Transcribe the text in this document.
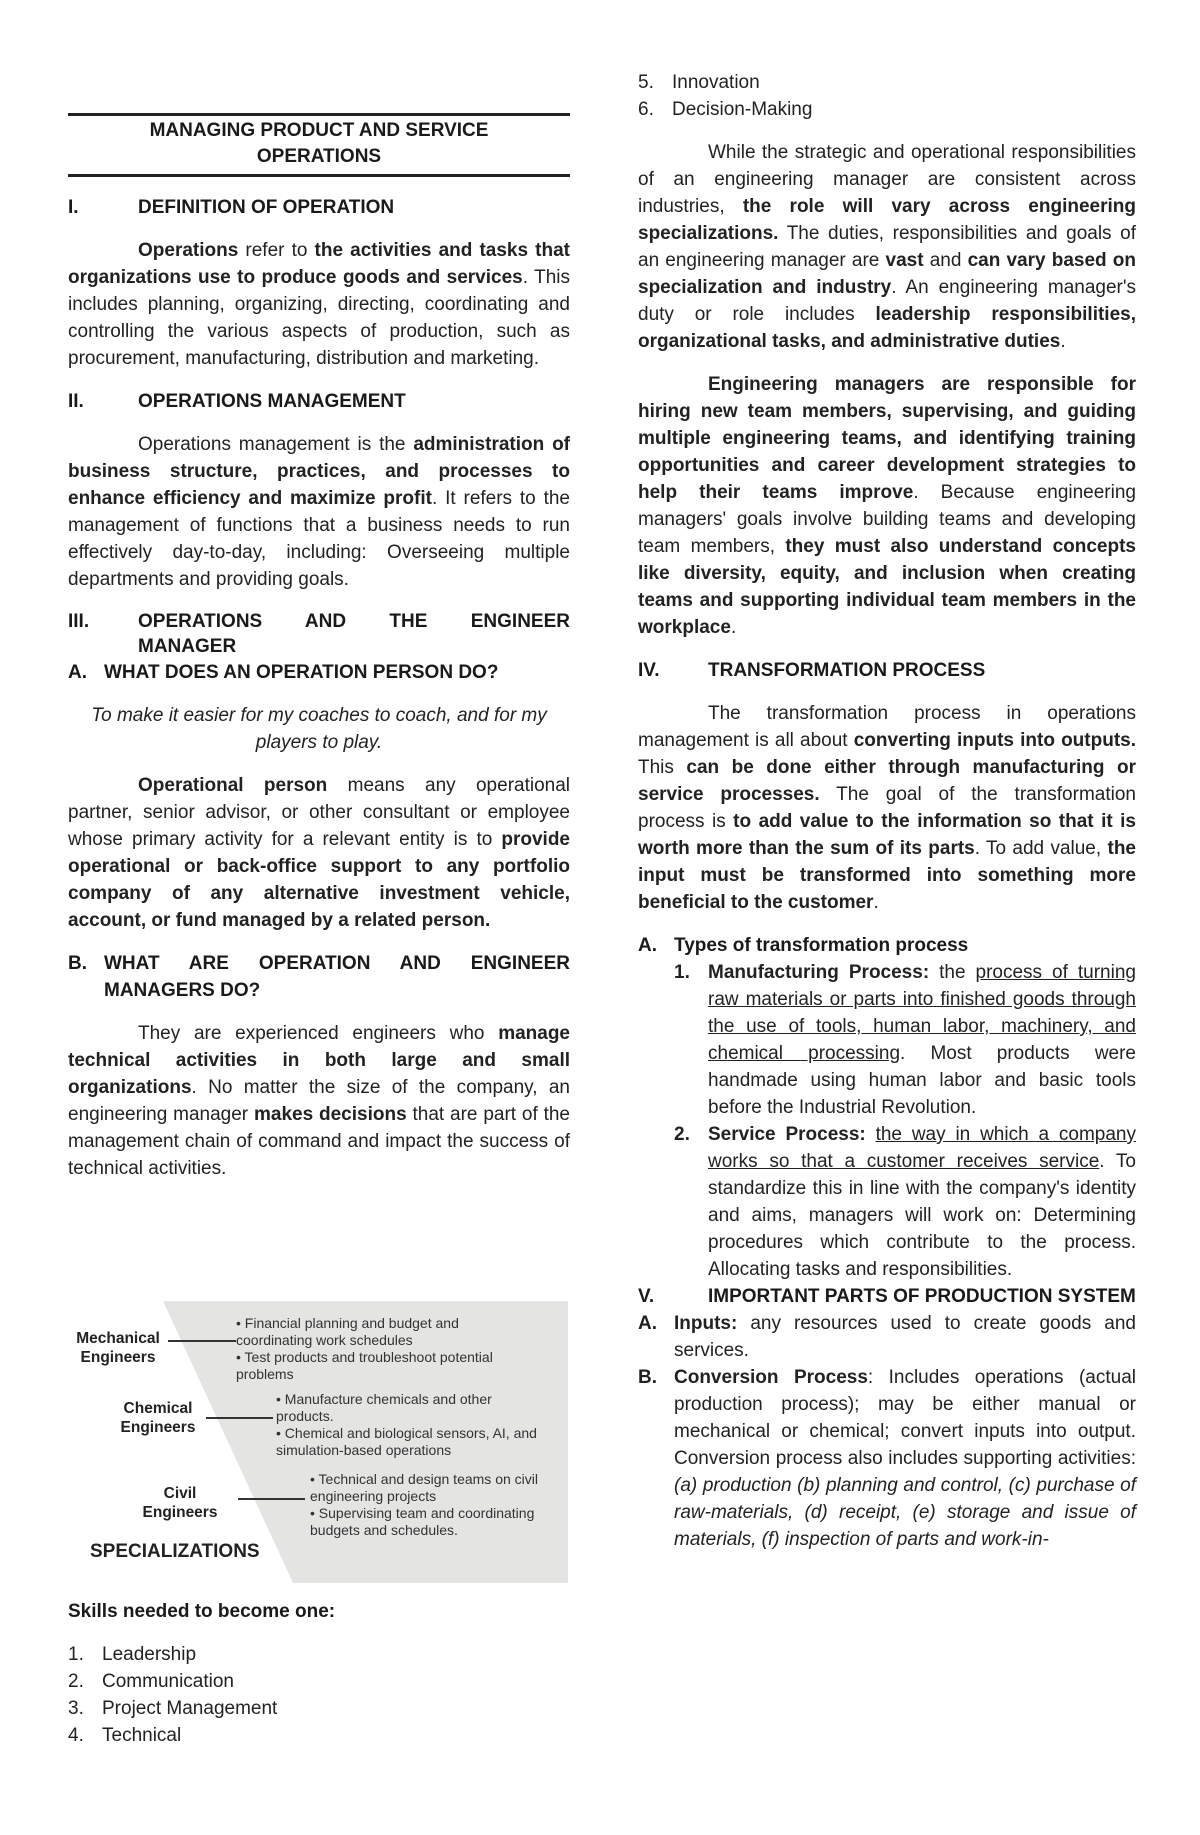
MANAGING PRODUCT AND SERVICE
OPERATIONS
I.	DEFINITION OF OPERATION

Operations refer to the activities and tasks that organizations use to produce goods and services. This includes planning, organizing, directing, coordinating and controlling the various aspects of production, such as procurement, manufacturing, distribution and marketing.

II.	OPERATIONS MANAGEMENT

Operations management is the administration of business structure, practices, and processes to enhance efficiency and maximize profit. It refers to the management of functions that a business needs to run effectively day-to-day, including: Overseeing multiple departments and providing goals.

III.	OPERATIONS AND THE ENGINEER MANAGER
A. WHAT DOES AN OPERATION PERSON DO?

To make it easier for my coaches to coach, and for my players to play.

Operational person means any operational partner, senior advisor, or other consultant or employee whose primary activity for a relevant entity is to provide operational or back-office support to any portfolio company of any alternative investment vehicle, account, or fund managed by a related person.

B. WHAT ARE OPERATION AND ENGINEER MANAGERS DO?

They are experienced engineers who manage technical activities in both large and small organizations. No matter the size of the company, an engineering manager makes decisions that are part of the management chain of command and impact the success of technical activities.

Mechanical
Engineers
• Financial planning and budget and coordinating work schedules
• Test products and troubleshoot potential problems
Chemical
Engineers
• Manufacture chemicals and other products.
• Chemical and biological sensors, AI, and simulation-based operations
Civil
Engineers
• Technical and design teams on civil engineering projects
• Supervising team and coordinating budgets and schedules.
SPECIALIZATIONS

Skills needed to become one:

1. Leadership
2. Communication
3. Project Management
4. Technical
5. Innovation
6. Decision-Making

While the strategic and operational responsibilities of an engineering manager are consistent across industries, the role will vary across engineering specializations. The duties, responsibilities and goals of an engineering manager are vast and can vary based on specialization and industry. An engineering manager's duty or role includes leadership responsibilities, organizational tasks, and administrative duties.

Engineering managers are responsible for hiring new team members, supervising, and guiding multiple engineering teams, and identifying training opportunities and career development strategies to help their teams improve. Because engineering managers' goals involve building teams and developing team members, they must also understand concepts like diversity, equity, and inclusion when creating teams and supporting individual team members in the workplace.

IV.	TRANSFORMATION PROCESS

The transformation process in operations management is all about converting inputs into outputs. This can be done either through manufacturing or service processes. The goal of the transformation process is to add value to the information so that it is worth more than the sum of its parts. To add value, the input must be transformed into something more beneficial to the customer.

A. Types of transformation process
1. Manufacturing Process: the process of turning raw materials or parts into finished goods through the use of tools, human labor, machinery, and chemical processing. Most products were handmade using human labor and basic tools before the Industrial Revolution.
2. Service Process: the way in which a company works so that a customer receives service. To standardize this in line with the company's identity and aims, managers will work on: Determining procedures which contribute to the process. Allocating tasks and responsibilities.
V.	IMPORTANT PARTS OF PRODUCTION SYSTEM
A. Inputs: any resources used to create goods and services.
B. Conversion Process: Includes operations (actual production process); may be either manual or mechanical or chemical; convert inputs into output. Conversion process also includes supporting activities: (a) production (b) planning and control, (c) purchase of raw-materials, (d) receipt, (e) storage and issue of materials, (f) inspection of parts and work-in-
